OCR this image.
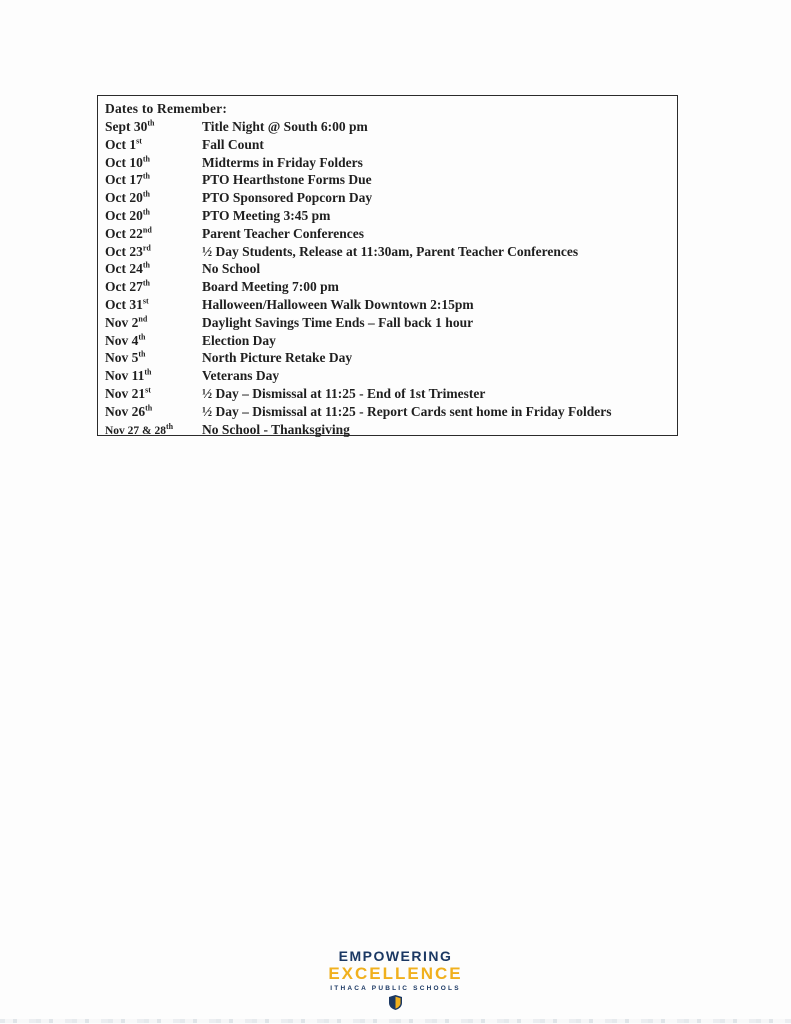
Dates to Remember:
Sept 30th	Title Night @ South 6:00 pm
Oct 1st	Fall Count
Oct 10th	Midterms in Friday Folders
Oct 17th	PTO Hearthstone Forms Due
Oct 20th	PTO Sponsored Popcorn Day
Oct 20th	PTO Meeting 3:45 pm
Oct 22nd	Parent Teacher Conferences
Oct 23rd	½ Day Students, Release at 11:30am, Parent Teacher Conferences
Oct 24th	No School
Oct 27th	Board Meeting 7:00 pm
Oct 31st	Halloween/Halloween Walk Downtown 2:15pm
Nov 2nd	Daylight Savings Time Ends – Fall back 1 hour
Nov 4th	Election Day
Nov 5th	North Picture Retake Day
Nov 11th	Veterans Day
Nov 21st	½ Day – Dismissal at 11:25 - End of 1st Trimester
Nov 26th	½ Day – Dismissal at 11:25 - Report Cards sent home in Friday Folders
Nov 27 & 28th	No School - Thanksgiving
EMPOWERING
EXCELLENCE
ITHACA PUBLIC SCHOOLS
